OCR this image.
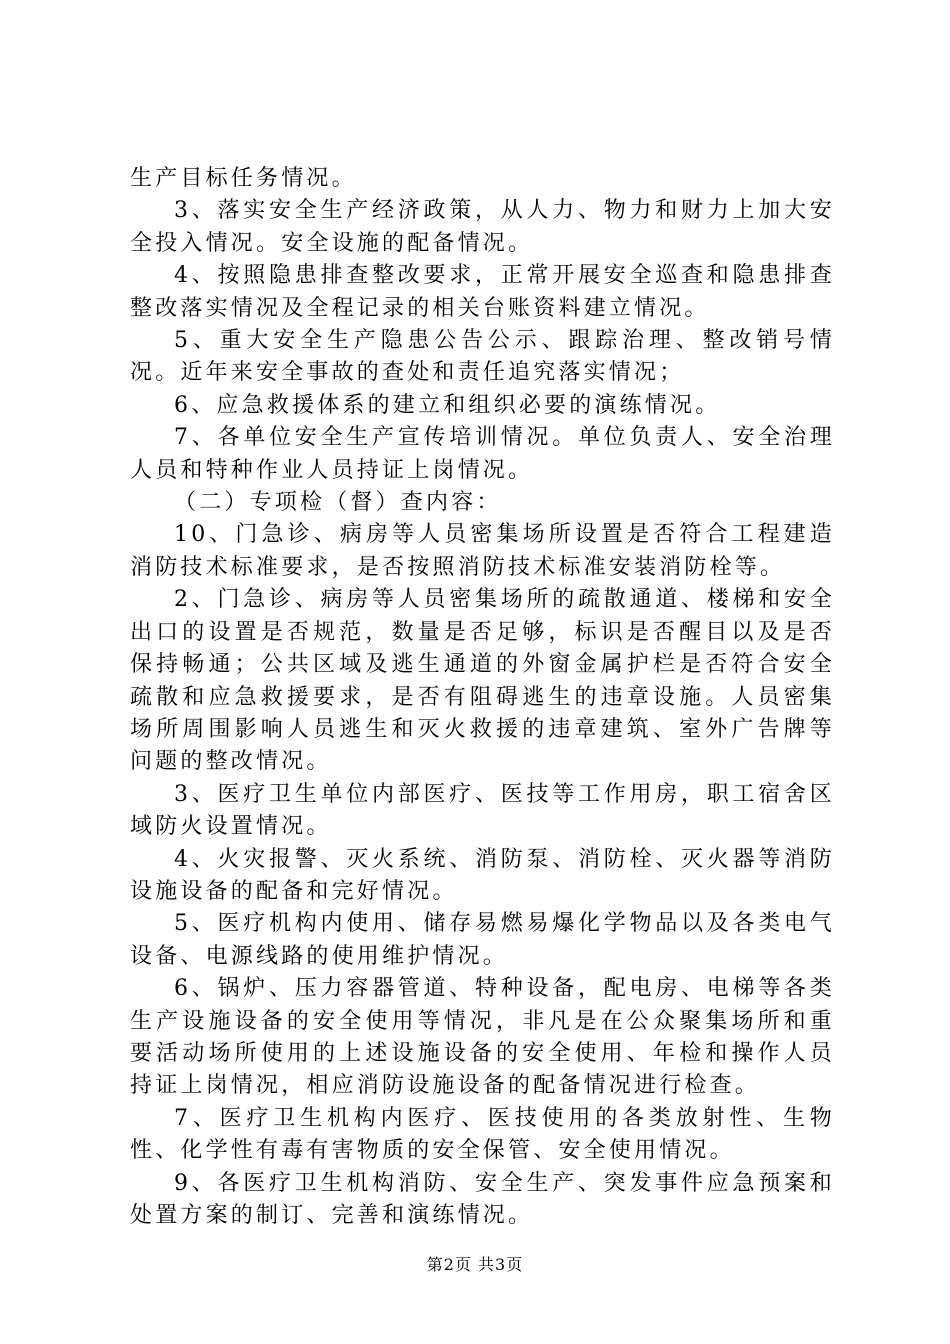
生产目标任务情况。

3、落实安全生产经济政策，从人力、物力和财力上加大安全投入情况。安全设施的配备情况。

4、按照隐患排查整改要求，正常开展安全巡查和隐患排查整改落实情况及全程记录的相关台账资料建立情况。

5、重大安全生产隐患公告公示、跟踪治理、整改销号情况。近年来安全事故的查处和责任追究落实情况；

6、应急救援体系的建立和组织必要的演练情况。

7、各单位安全生产宣传培训情况。单位负责人、安全治理人员和特种作业人员持证上岗情况。

（二）专项检（督）查内容：

10、门急诊、病房等人员密集场所设置是否符合工程建造消防技术标准要求，是否按照消防技术标准安装消防栓等。

2、门急诊、病房等人员密集场所的疏散通道、楼梯和安全出口的设置是否规范，数量是否足够，标识是否醒目以及是否保持畅通；公共区域及逃生通道的外窗金属护栏是否符合安全疏散和应急救援要求，是否有阻碍逃生的违章设施。人员密集场所周围影响人员逃生和灭火救援的违章建筑、室外广告牌等问题的整改情况。

3、医疗卫生单位内部医疗、医技等工作用房，职工宿舍区域防火设置情况。

4、火灾报警、灭火系统、消防泵、消防栓、灭火器等消防设施设备的配备和完好情况。

5、医疗机构内使用、储存易燃易爆化学物品以及各类电气设备、电源线路的使用维护情况。

6、锅炉、压力容器管道、特种设备，配电房、电梯等各类生产设施设备的安全使用等情况，非凡是在公众聚集场所和重要活动场所使用的上述设施设备的安全使用、年检和操作人员持证上岗情况，相应消防设施设备的配备情况进行检查。

7、医疗卫生机构内医疗、医技使用的各类放射性、生物性、化学性有毒有害物质的安全保管、安全使用情况。

9、各医疗卫生机构消防、安全生产、突发事件应急预案和处置方案的制订、完善和演练情况。

第2页 共3页
